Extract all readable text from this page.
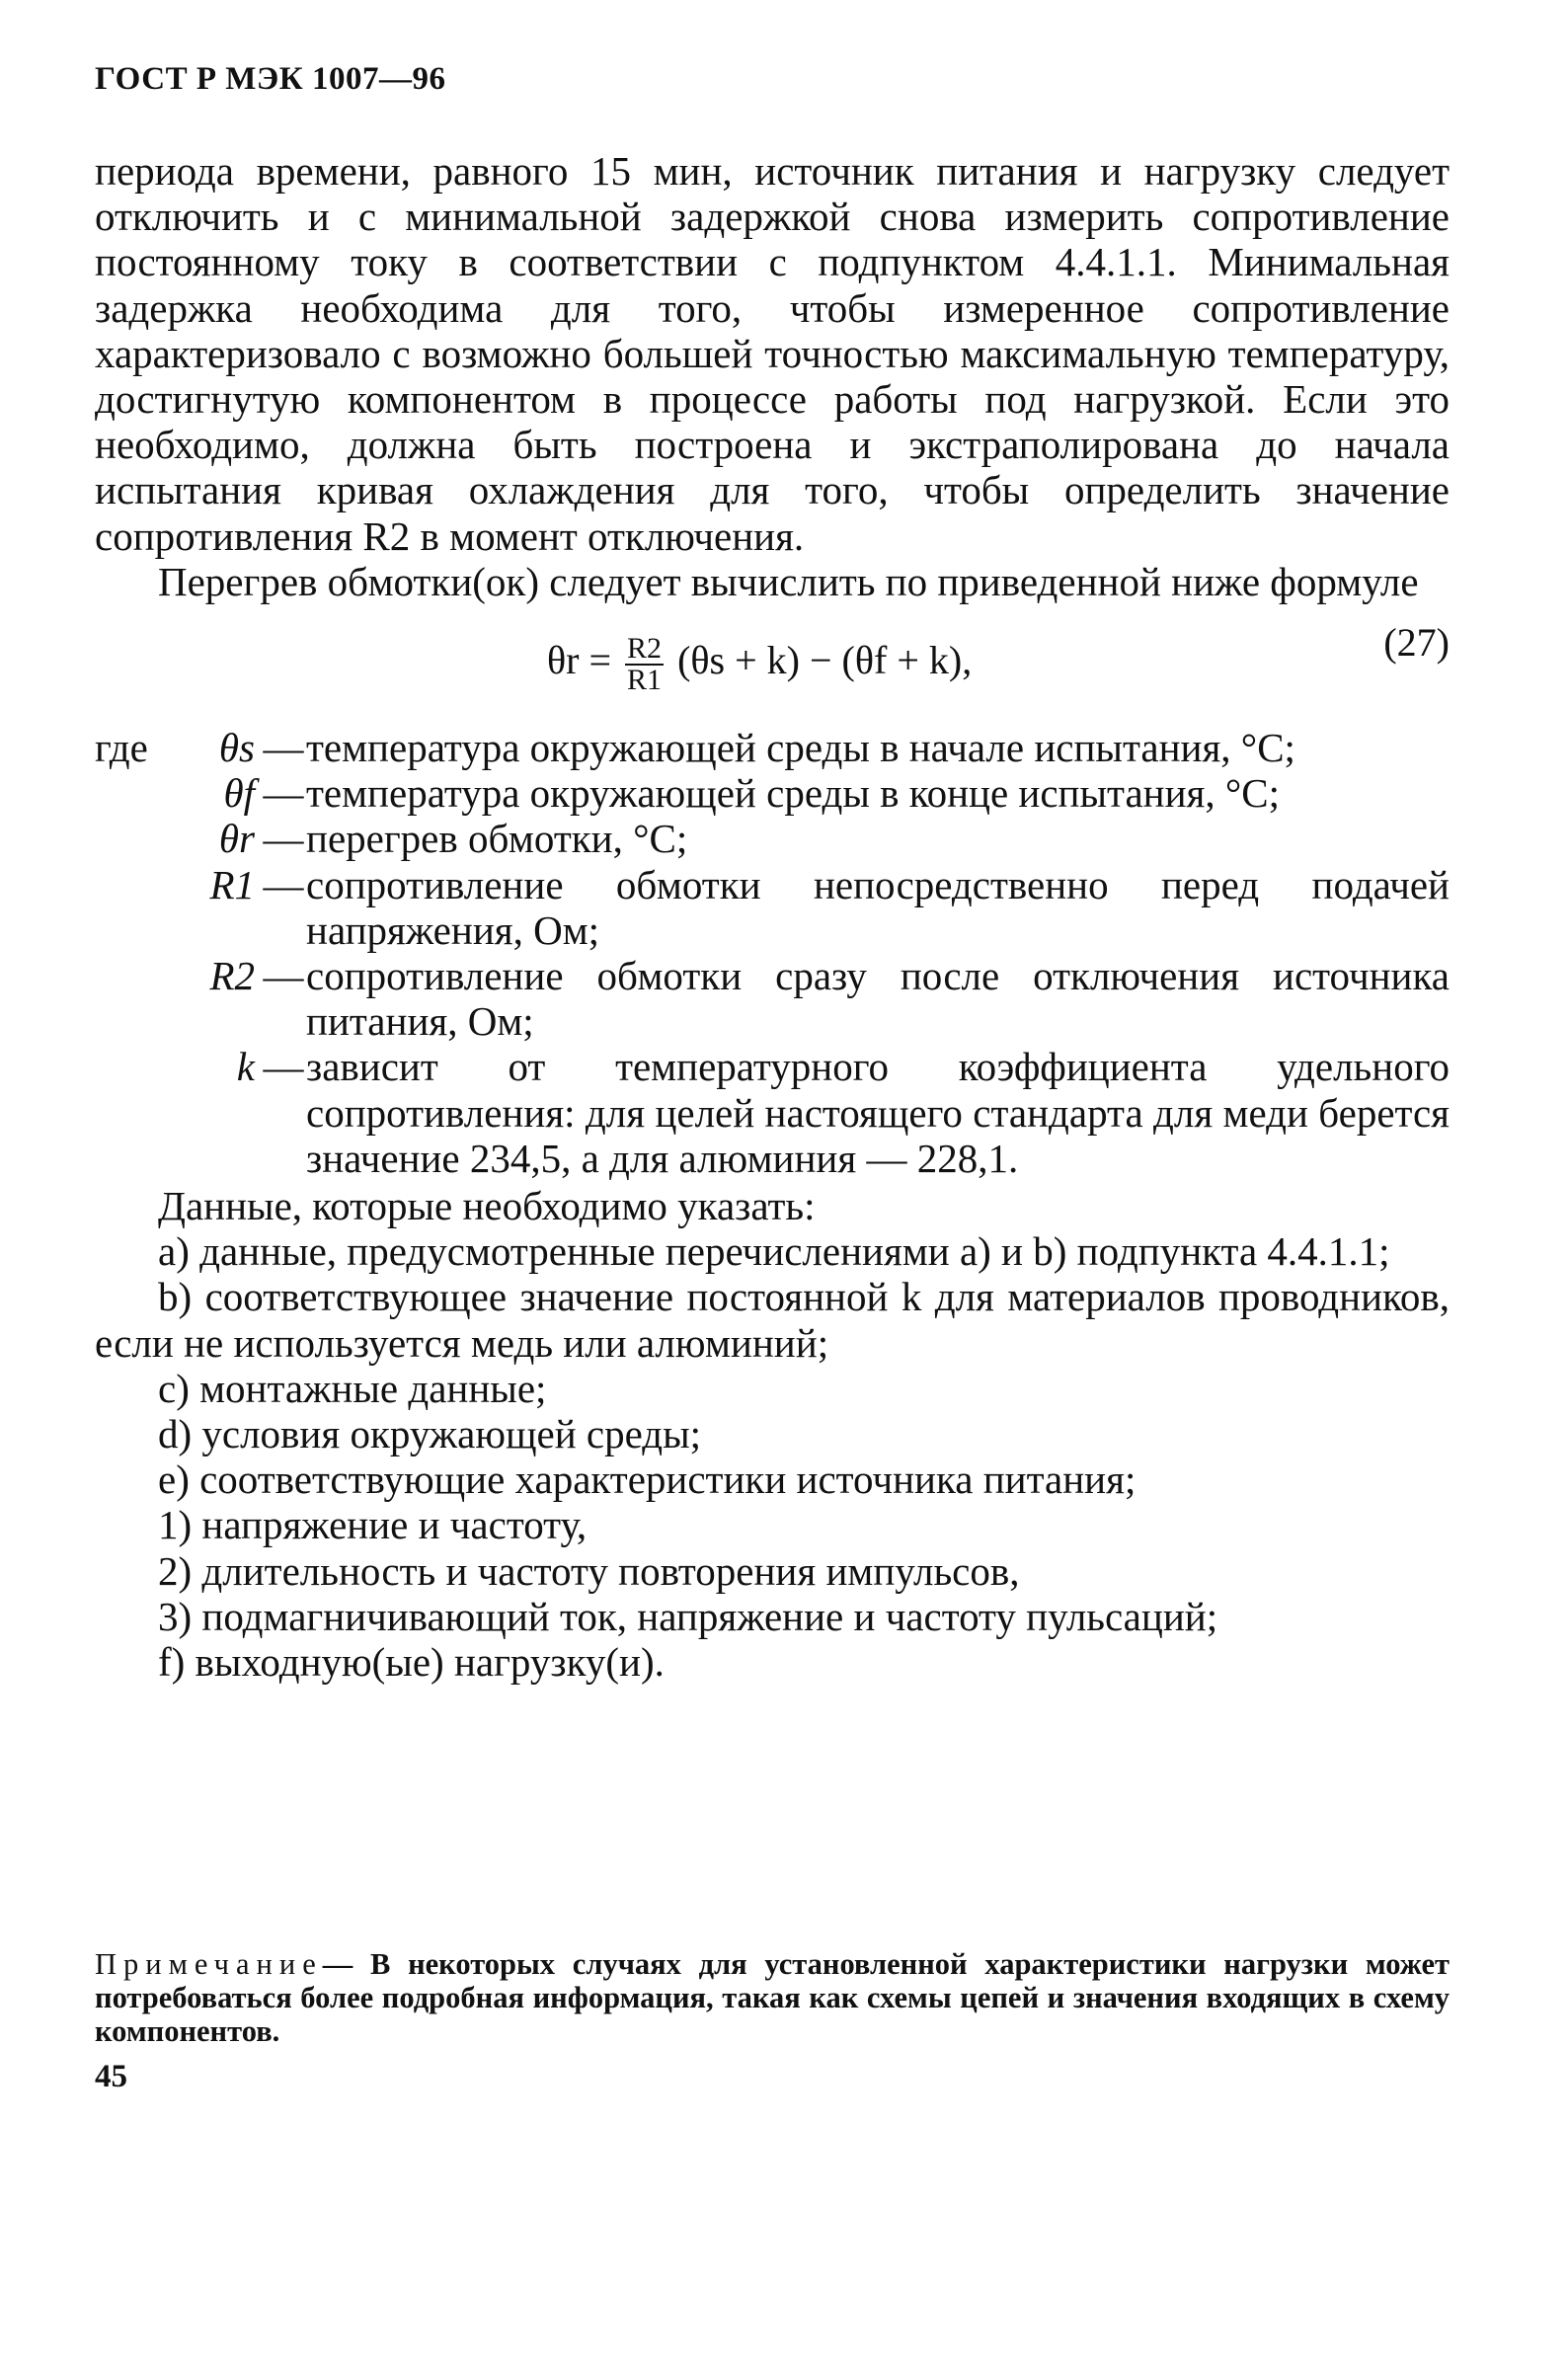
ГОСТ Р МЭК 1007—96

периода времени, равного 15 мин, источник питания и нагрузку следует отключить и с минимальной задержкой снова измерить сопротивление постоянному току в соответствии с подпунктом 4.4.1.1. Минимальная задержка необходима для того, чтобы измеренное сопротивление характеризовало с возможно большей точностью максимальную температуру, достигнутую компонентом в процессе работы под нагрузкой. Если это необходимо, должна быть построена и экстраполирована до начала испытания кривая охлаждения для того, чтобы определить значение сопротивления R2 в момент отключения.

Перегрев обмотки(ок) следует вычислить по приведенной ниже формуле

$\theta r = \frac{R2}{R1} (\theta s + k) - (\theta f + k)$,	(27)
где	θs — температура окружающей среды в начале испытания, °C;
θf — температура окружающей среды в конце испытания, °C;
θr — перегрев обмотки, °C;
R1 — сопротивление обмотки непосредственно перед подачей напряжения, Ом;
R2 — сопротивление обмотки сразу после отключения источника питания, Ом;
k — зависит от температурного коэффициента удельного сопротивления: для целей настоящего стандарта для меди берется значение 234,5, а для алюминия — 228,1.

Данные, которые необходимо указать:

a) данные, предусмотренные перечислениями a) и b) подпункта 4.4.1.1;

b) соответствующее значение постоянной k для материалов проводников, если не используется медь или алюминий;

c) монтажные данные;

d) условия окружающей среды;

e) соответствующие характеристики источника питания;

1) напряжение и частоту,

2) длительность и частоту повторения импульсов,

3) подмагничивающий ток, напряжение и частоту пульсаций;

f) выходную(ые) нагрузку(и).

Примечание— В некоторых случаях для установленной характеристики нагрузки может потребоваться более подробная информация, такая как схемы цепей и значения входящих в схему компонентов.
45
